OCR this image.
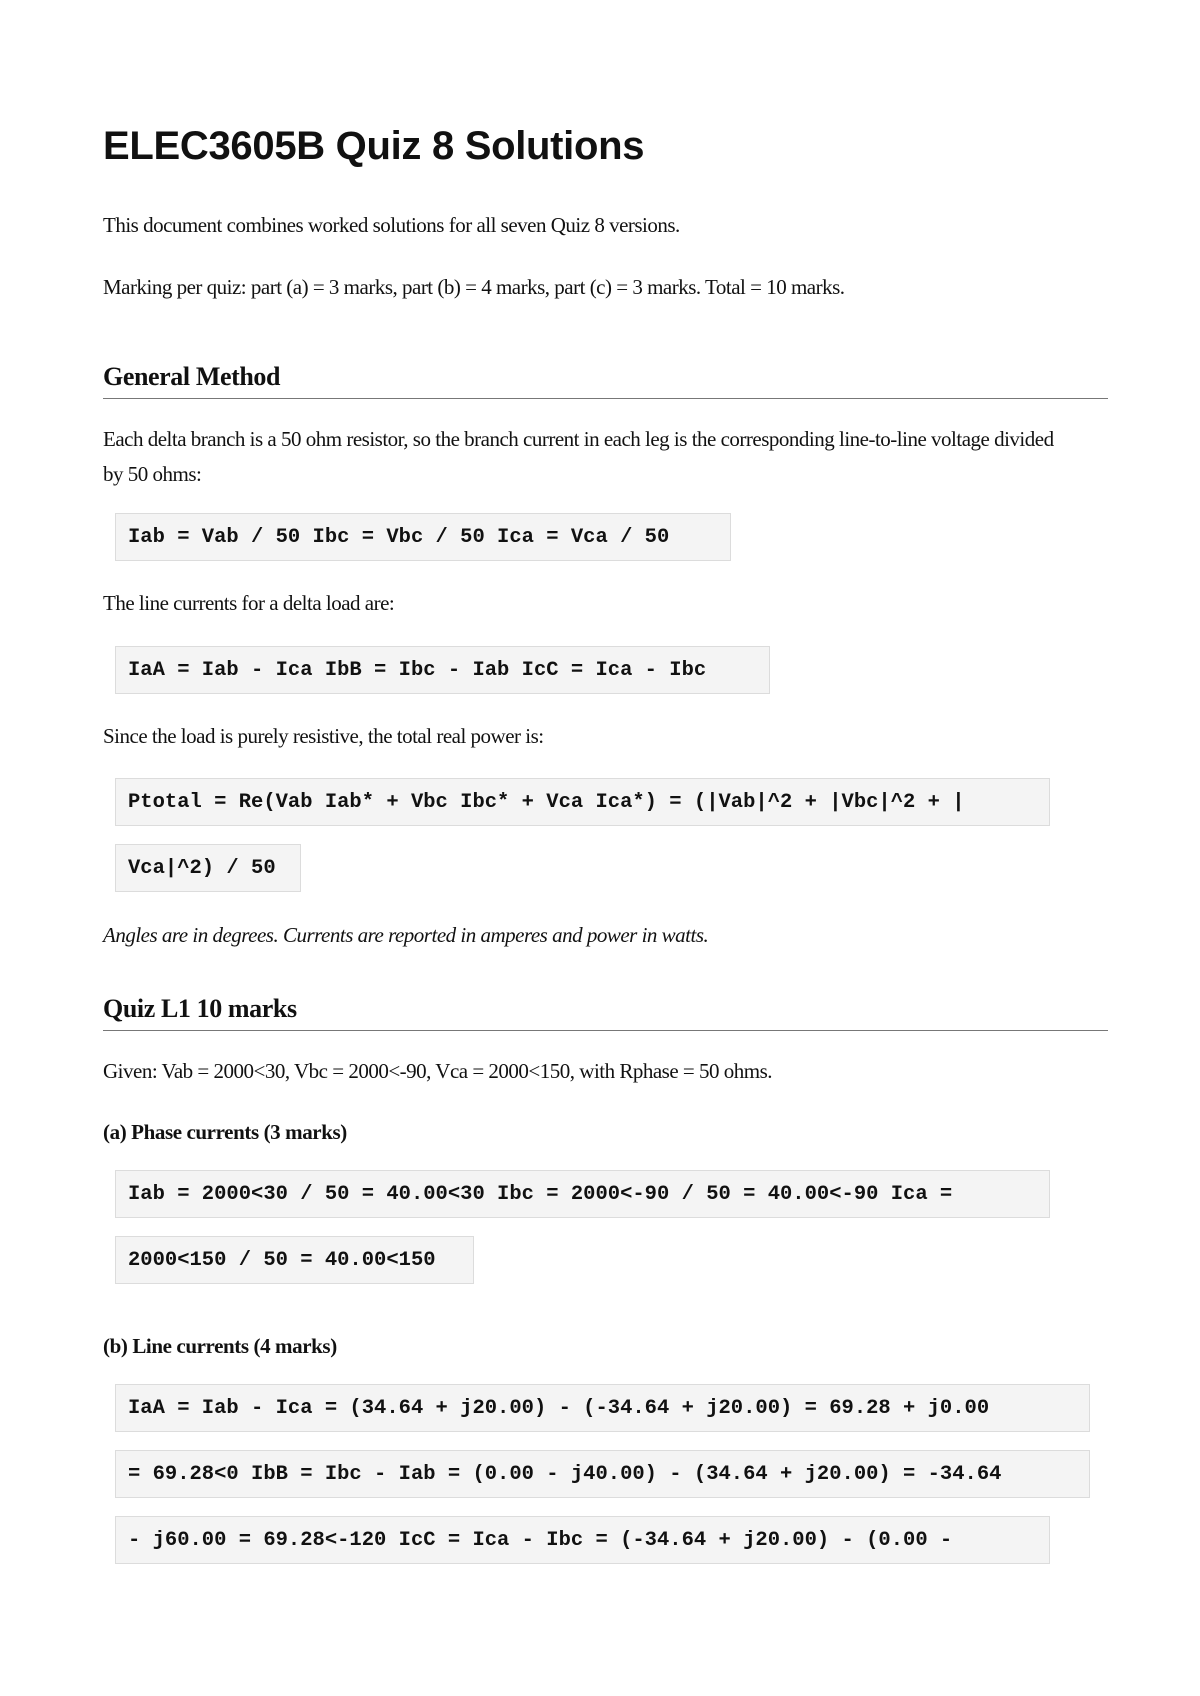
ELEC3605B Quiz 8 Solutions

This document combines worked solutions for all seven Quiz 8 versions.

Marking per quiz: part (a) = 3 marks, part (b) = 4 marks, part (c) = 3 marks. Total = 10 marks.

General Method

Each delta branch is a 50 ohm resistor, so the branch current in each leg is the corresponding line-to-line voltage divided by 50 ohms:

Iab = Vab / 50 Ibc = Vbc / 50 Ica = Vca / 50

The line currents for a delta load are:

IaA = Iab - Ica IbB = Ibc - Iab IcC = Ica - Ibc

Since the load is purely resistive, the total real power is:

Ptotal = Re(Vab Iab* + Vbc Ibc* + Vca Ica*) = (|Vab|^2 + |Vbc|^2 + |
Vca|^2) / 50

Angles are in degrees. Currents are reported in amperes and power in watts.

Quiz L1 10 marks

Given: Vab = 2000<30, Vbc = 2000<-90, Vca = 2000<150, with Rphase = 50 ohms.

(a) Phase currents (3 marks)
Iab = 2000<30 / 50 = 40.00<30 Ibc = 2000<-90 / 50 = 40.00<-90 Ica =
2000<150 / 50 = 40.00<150
(b) Line currents (4 marks)
IaA = Iab - Ica = (34.64 + j20.00) - (-34.64 + j20.00) = 69.28 + j0.00
= 69.28<0 IbB = Ibc - Iab = (0.00 - j40.00) - (34.64 + j20.00) = -34.64
- j60.00 = 69.28<-120 IcC = Ica - Ibc = (-34.64 + j20.00) - (0.00 -
